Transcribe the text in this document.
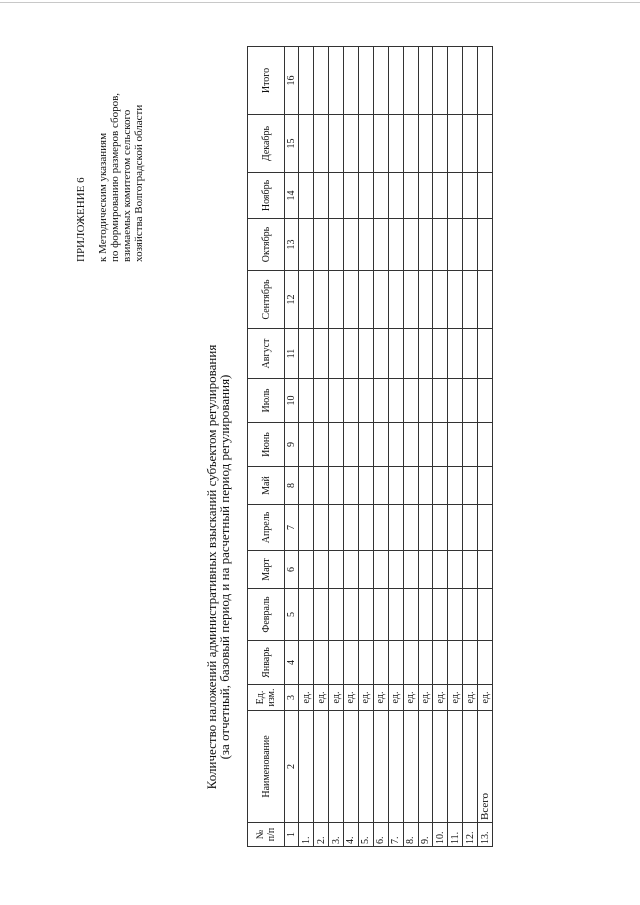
ПРИЛОЖЕНИЕ 6 к Методическим указаниям по формированию размеров сборов, взимаемых комитетом сельского хозяйства Волгоградской области
Количество наложений административных взысканий субъектом регулирования
(за отчетный, базовый период и на расчетный период регулирования)
№ п/п	Наименование	Ед. изм.	Январь	Февраль	Март	Апрель	Май	Июнь	Июль	Август	Сентябрь	Октябрь	Ноябрь	Декабрь	Итого
1	2	3	4	5	6	7	8	9	10	11	12	13	14	15	16
1.		ед.													
2.		ед.													
3.		ед.													
4.		ед.													
5.		ед.													
6.		ед.													
7.		ед.													
8.		ед.													
9.		ед.													
10.		ед.													
11.		ед.													
12.		ед.													
13.	Всего	ед.													
